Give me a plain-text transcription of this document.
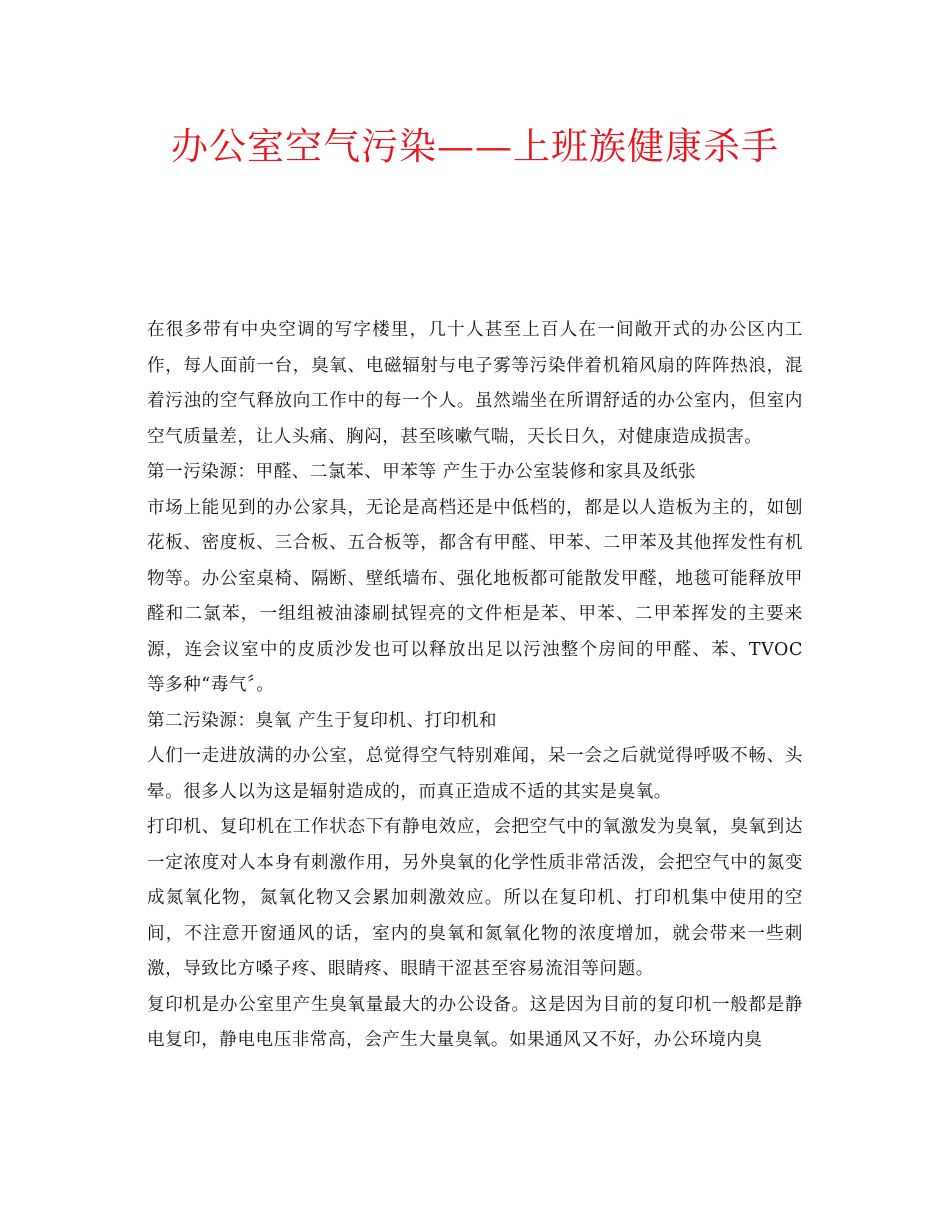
办公室空气污染——上班族健康杀手

在很多带有中央空调的写字楼里，几十人甚至上百人在一间敞开式的办公区内工作，每人面前一台，臭氧、电磁辐射与电子雾等污染伴着机箱风扇的阵阵热浪，混着污浊的空气释放向工作中的每一个人。虽然端坐在所谓舒适的办公室内，但室内空气质量差，让人头痛、胸闷，甚至咳嗽气喘，天长日久，对健康造成损害。

第一污染源：甲醛、二氯苯、甲苯等 产生于办公室装修和家具及纸张

市场上能见到的办公家具，无论是高档还是中低档的，都是以人造板为主的，如刨花板、密度板、三合板、五合板等，都含有甲醛、甲苯、二甲苯及其他挥发性有机物等。办公室桌椅、隔断、壁纸墙布、强化地板都可能散发甲醛，地毯可能释放甲醛和二氯苯，一组组被油漆刷拭锃亮的文件柜是苯、甲苯、二甲苯挥发的主要来源，连会议室中的皮质沙发也可以释放出足以污浊整个房间的甲醛、苯、TVOC 等多种“毒气〞。

第二污染源：臭氧 产生于复印机、打印机和

人们一走进放满的办公室，总觉得空气特别难闻，呆一会之后就觉得呼吸不畅、头晕。很多人以为这是辐射造成的，而真正造成不适的其实是臭氧。

打印机、复印机在工作状态下有静电效应，会把空气中的氧激发为臭氧，臭氧到达一定浓度对人本身有刺激作用，另外臭氧的化学性质非常活泼，会把空气中的氮变成氮氧化物，氮氧化物又会累加刺激效应。所以在复印机、打印机集中使用的空间，不注意开窗通风的话，室内的臭氧和氮氧化物的浓度增加，就会带来一些刺激，导致比方嗓子疼、眼睛疼、眼睛干涩甚至容易流泪等问题。

复印机是办公室里产生臭氧量最大的办公设备。这是因为目前的复印机一般都是静电复印，静电电压非常高，会产生大量臭氧。如果通风又不好，办公环境内臭
